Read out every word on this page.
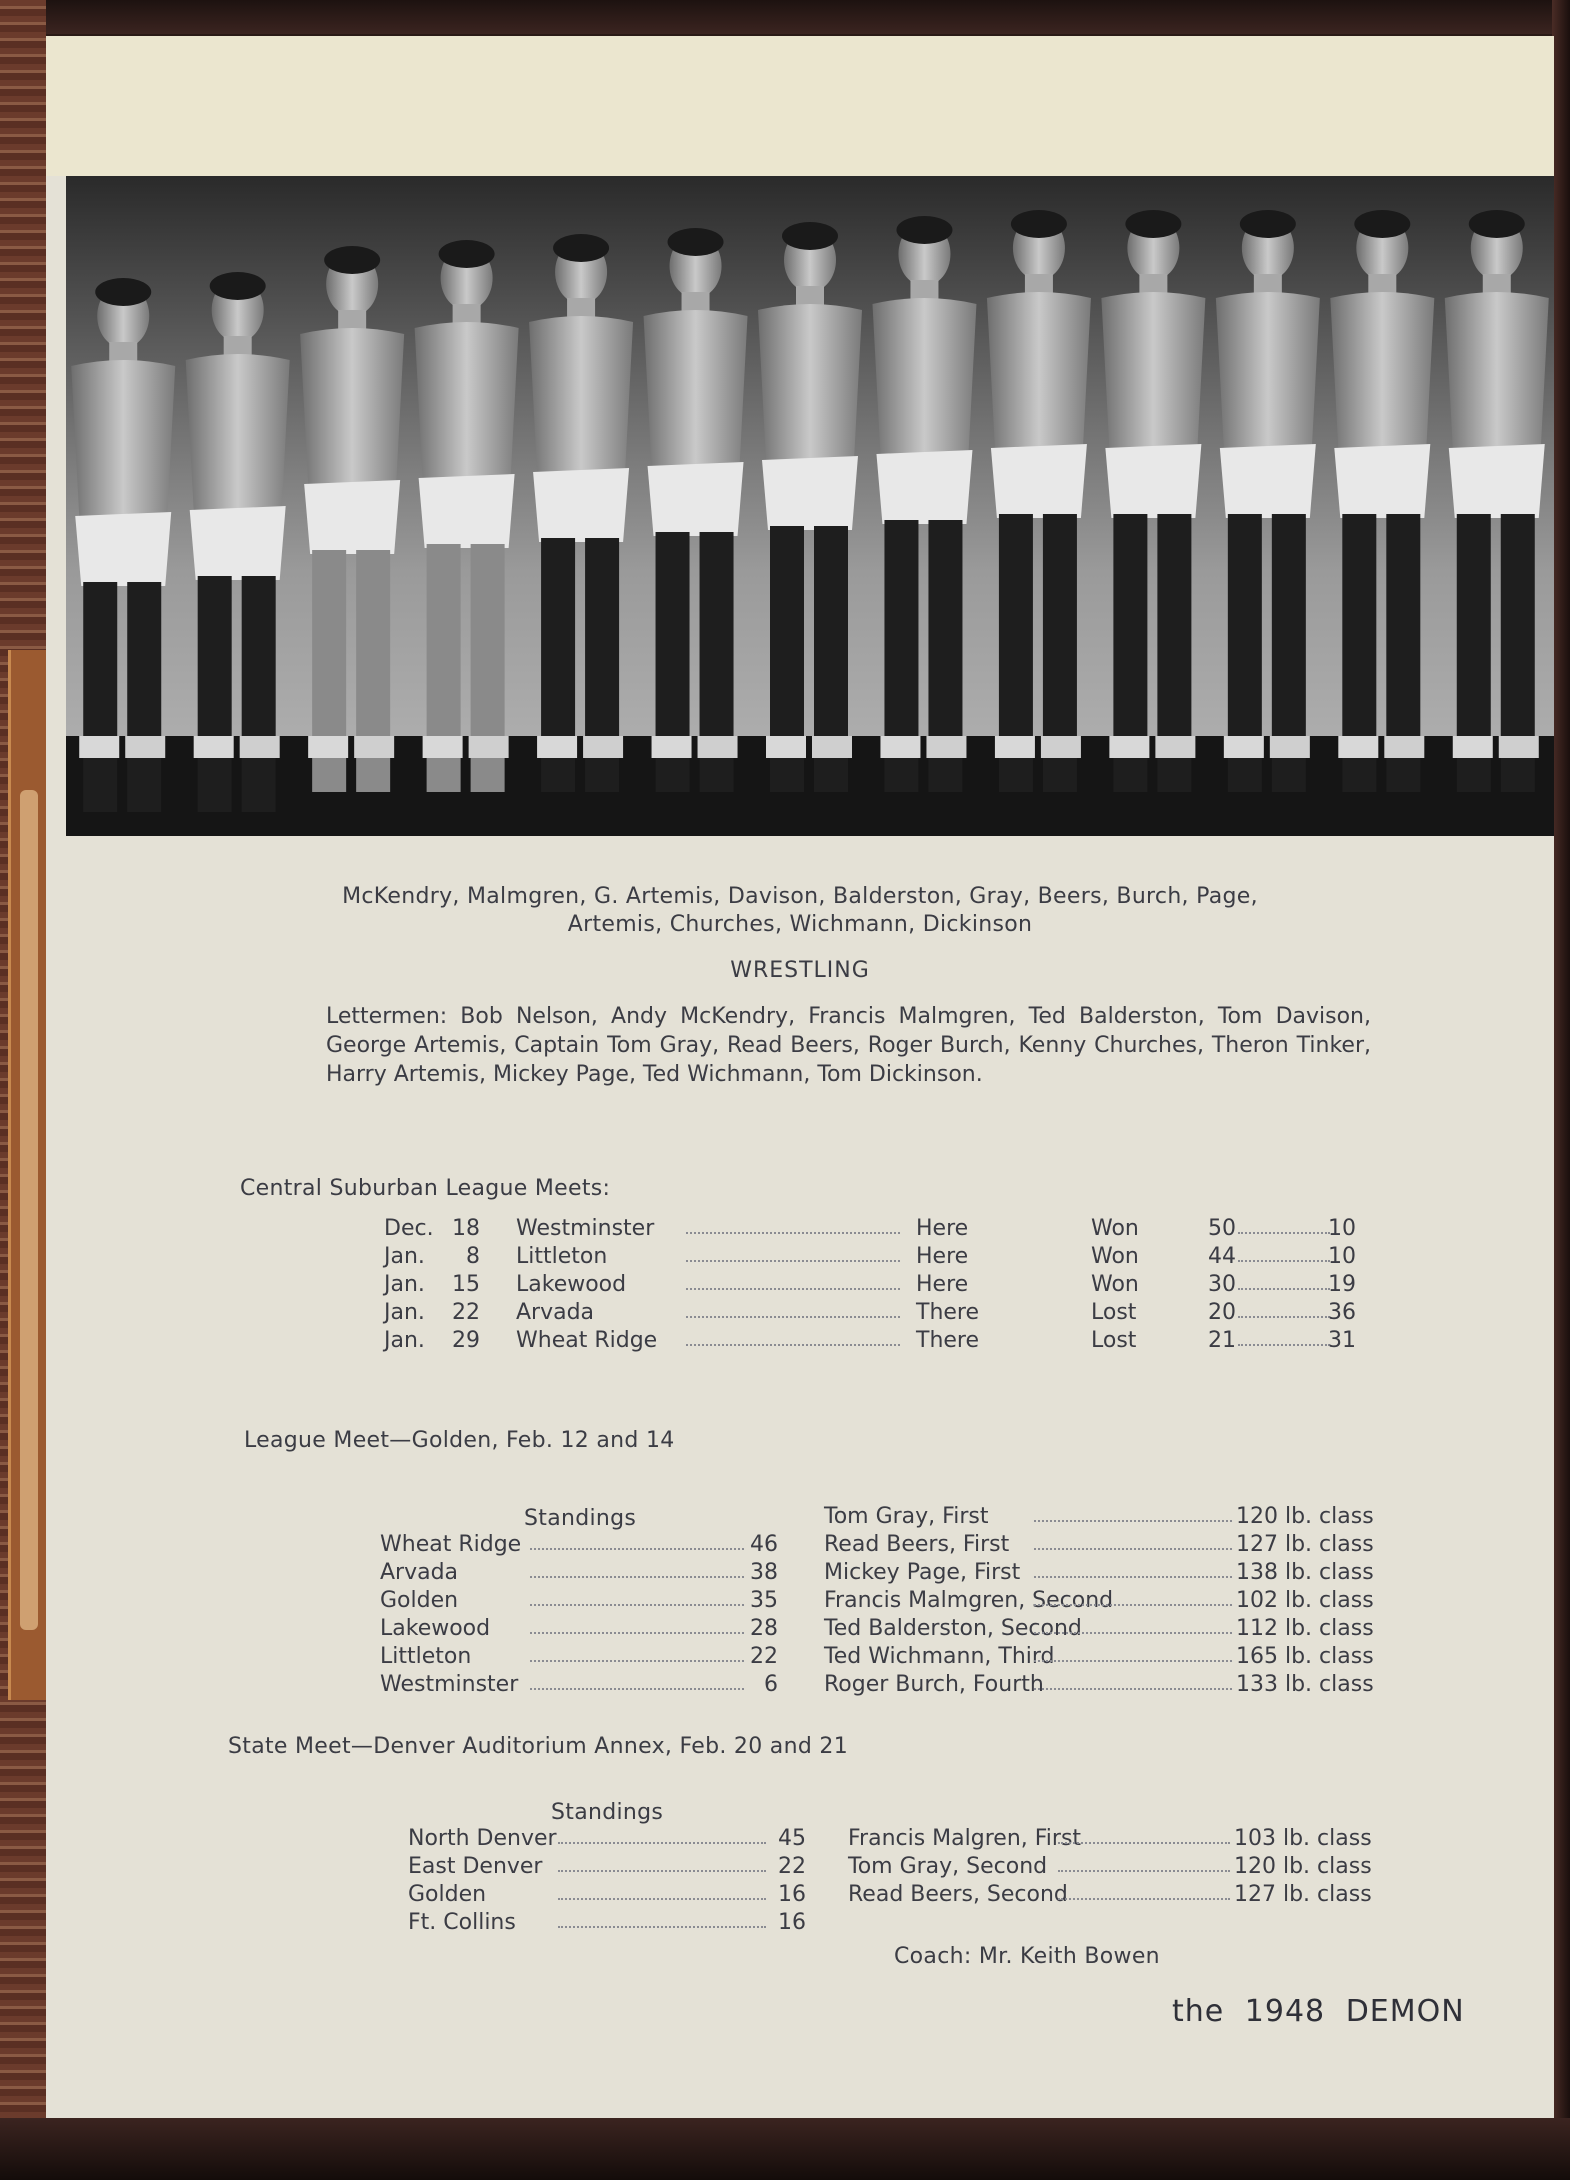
McKendry, Malmgren, G. Artemis, Davison, Balderston, Gray, Beers, Burch, Page,
Artemis, Churches, Wichmann, Dickinson
WRESTLING
Lettermen: Bob Nelson, Andy McKendry, Francis Malmgren, Ted Balderston, Tom Davison, George Artemis, Captain Tom Gray, Read Beers, Roger Burch, Kenny Churches, Theron Tinker, Harry Artemis, Mickey Page, Ted Wichmann, Tom Dickinson.
Central Suburban League Meets:
Dec. 18 Westminster	Here	Won	50	10
Jan.	8 Littleton	Here	Won	44	10
Jan.	15 Lakewood	Here	Won	30	19
Jan.	22 Arvada	There	Lost	20	36
Jan.	29 Wheat Ridge	There	Lost	21	31
League Meet—Golden, Feb. 12 and 14
Standings
Wheat Ridge	46
Arvada	38
Golden	35
Lakewood	28
Littleton	22
Westminster	6
Tom Gray, First	120 lb. class
Read Beers, First	127 lb. class
Mickey Page, First	138 lb. class
Francis Malmgren, Second	102 lb. class
Ted Balderston, Second	112 lb. class
Ted Wichmann, Third	165 lb. class
Roger Burch, Fourth	133 lb. class
State Meet—Denver Auditorium Annex, Feb. 20 and 21
Standings
North Denver	45
East Denver	22
Golden	16
Ft. Collins	16
Francis Malgren, First	103 lb. class
Tom Gray, Second	120 lb. class
Read Beers, Second	127 lb. class
Coach: Mr. Keith Bowen
the 1948 DEMON
